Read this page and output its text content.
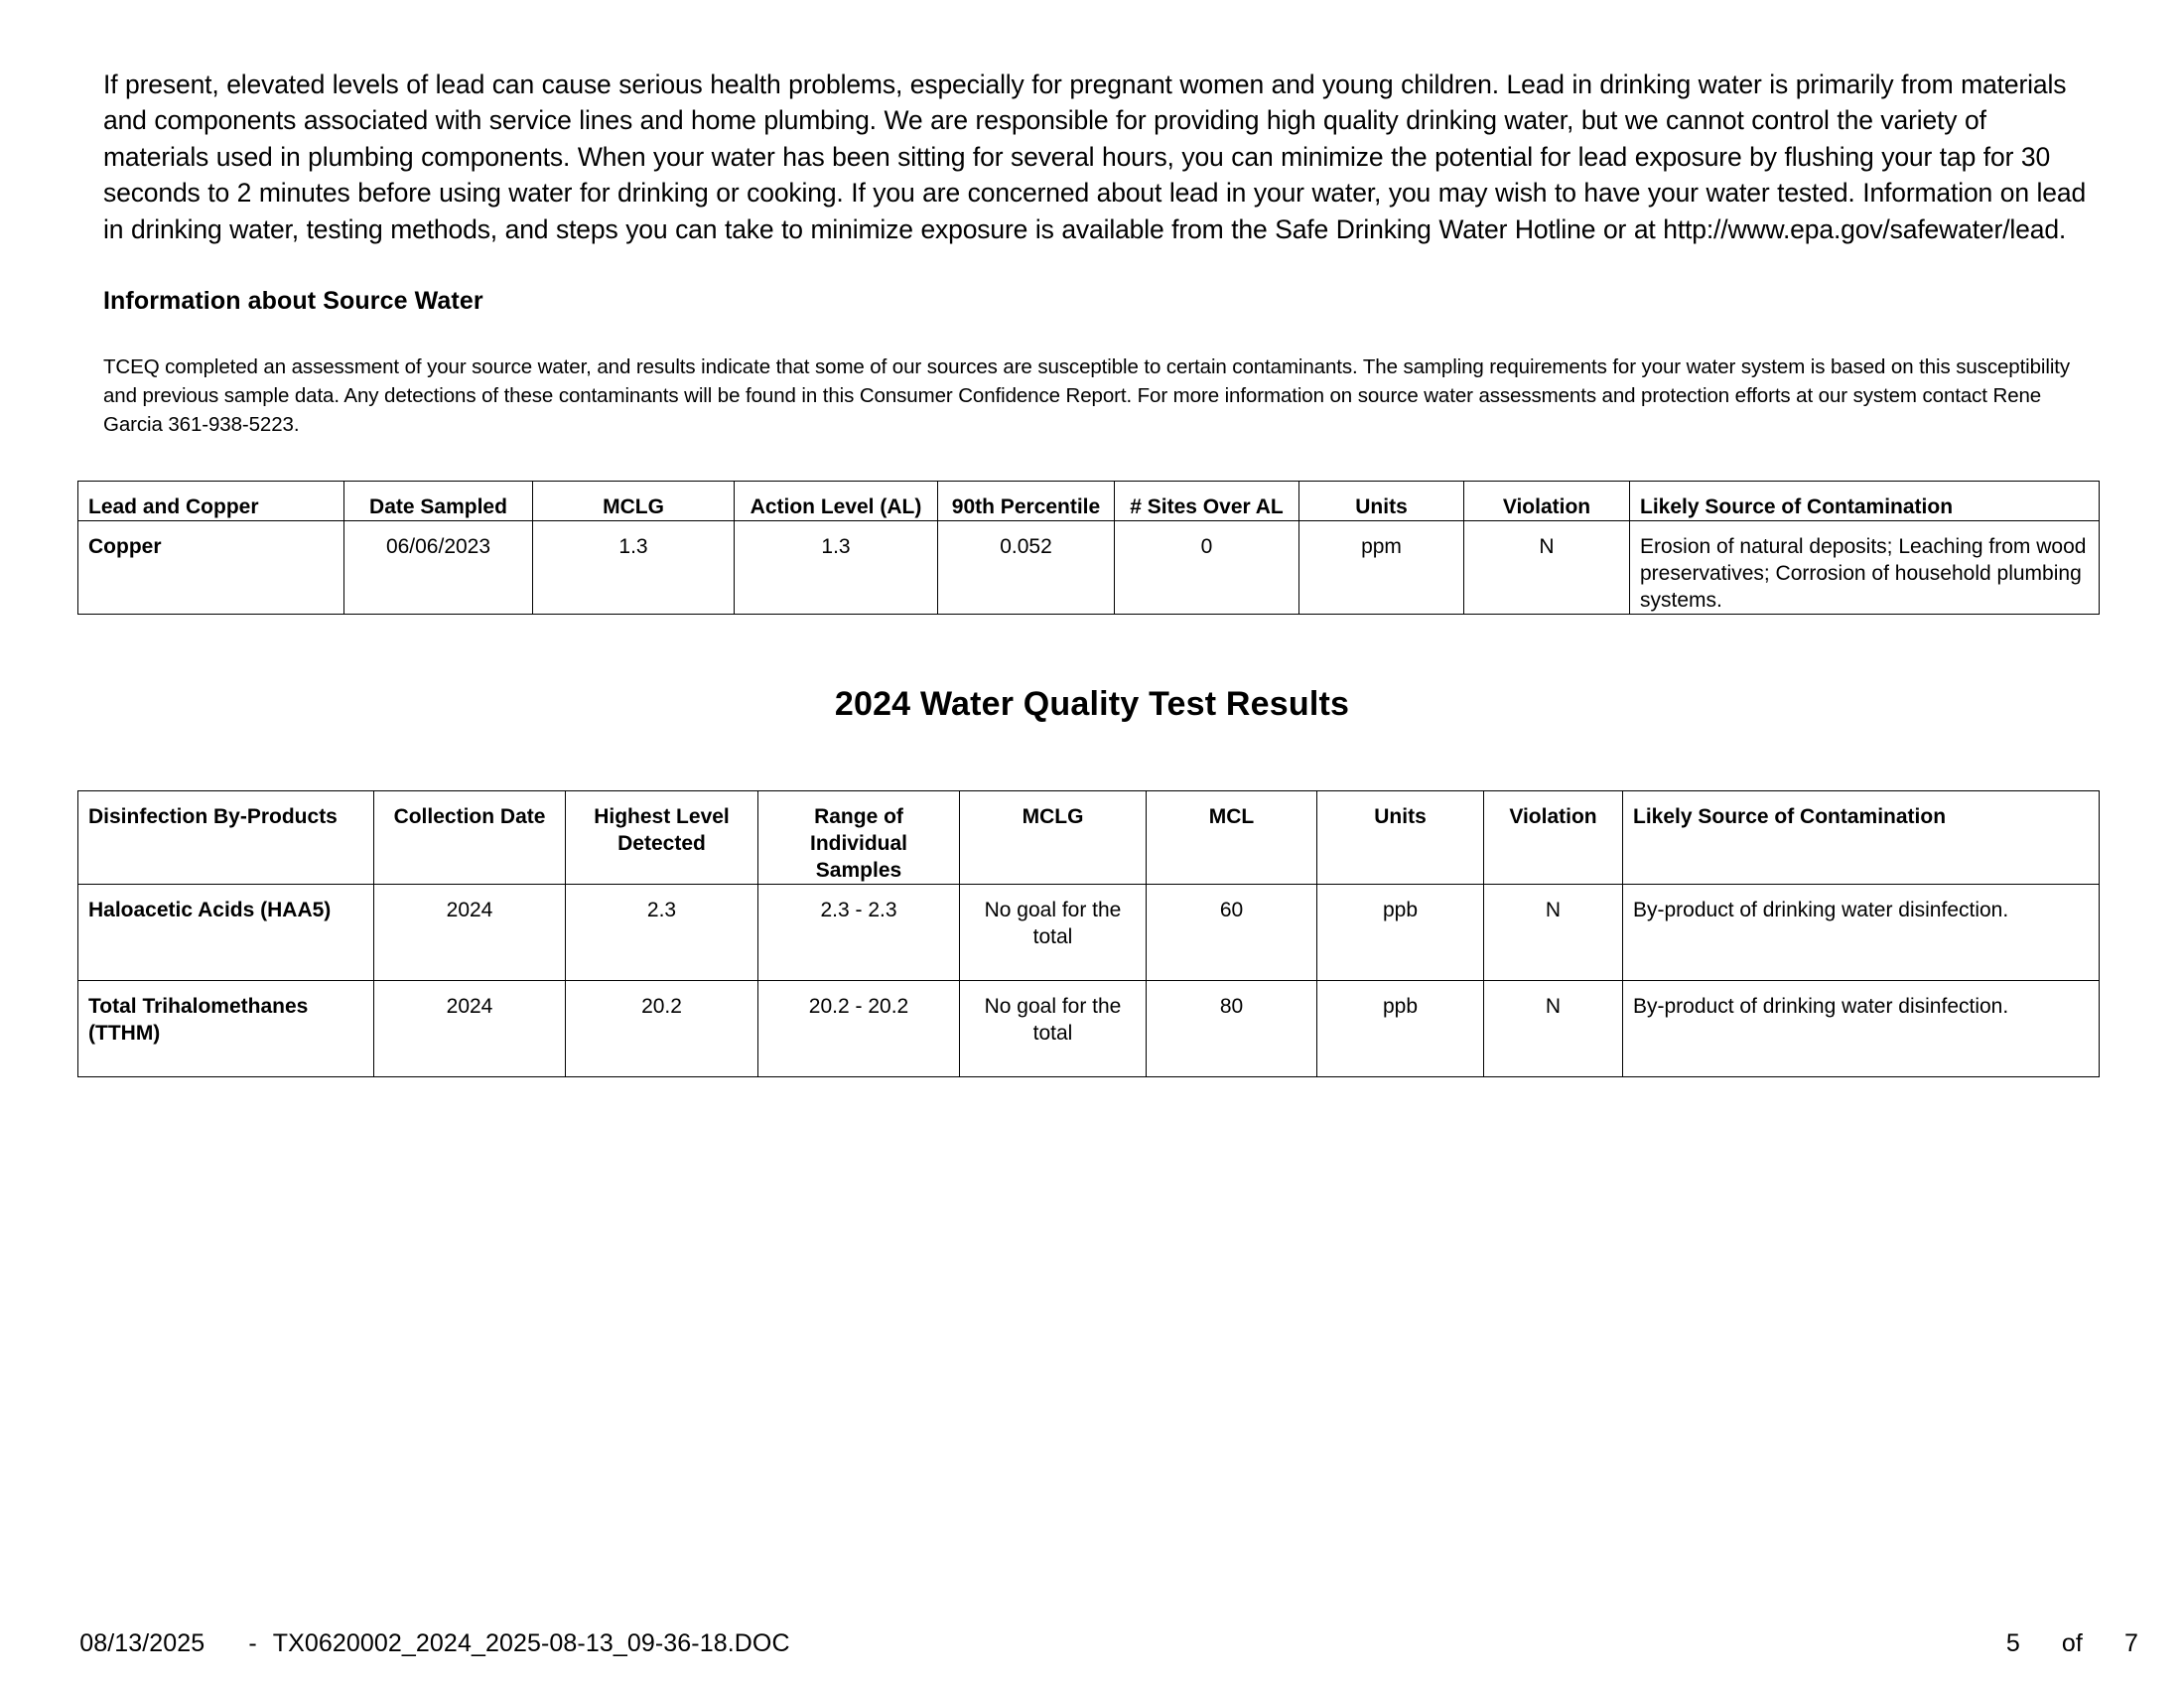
If present, elevated levels of lead can cause serious health problems, especially for pregnant women and young children. Lead in drinking water is primarily from materials and components associated with service lines and home plumbing. We are responsible for providing high quality drinking water, but we cannot control the variety of materials used in plumbing components. When your water has been sitting for several hours, you can minimize the potential for lead exposure by flushing your tap for 30 seconds to 2 minutes before using water for drinking or cooking. If you are concerned about lead in your water, you may wish to have your water tested. Information on lead in drinking water, testing methods, and steps you can take to minimize exposure is available from the Safe Drinking Water Hotline or at http://www.epa.gov/safewater/lead.

Information about Source Water

TCEQ completed an assessment of your source water, and results indicate that some of our sources are susceptible to certain contaminants. The sampling requirements for your water system is based on this susceptibility and previous sample data. Any detections of these contaminants will be found in this Consumer Confidence Report. For more information on source water assessments and protection efforts at our system contact Rene Garcia 361-938-5223.

Lead and Copper	Date Sampled	MCLG	Action Level (AL)	90th Percentile	# Sites Over AL	Units	Violation	Likely Source of Contamination

Copper	06/06/2023	1.3	1.3	0.052	0	ppm	N	Erosion of natural deposits; Leaching from wood preservatives; Corrosion of household plumbing systems.
2024 Water Quality Test Results
Disinfection By-Products	Collection Date	Highest Level Detected	Range of Individual Samples	MCLG	MCL	Units	Violation	Likely Source of Contamination

Haloacetic Acids (HAA5)	2024	2.3	2.3 - 2.3	No goal for the total	60	ppb	N	By-product of drinking water disinfection.

Total Trihalomethanes (TTHM)	2024	20.2	20.2 - 20.2	No goal for the total	80	ppb	N	By-product of drinking water disinfection.

08/13/2025 - TX0620002_2024_2025-08-13_09-36-18.DOC
	5 of 7
